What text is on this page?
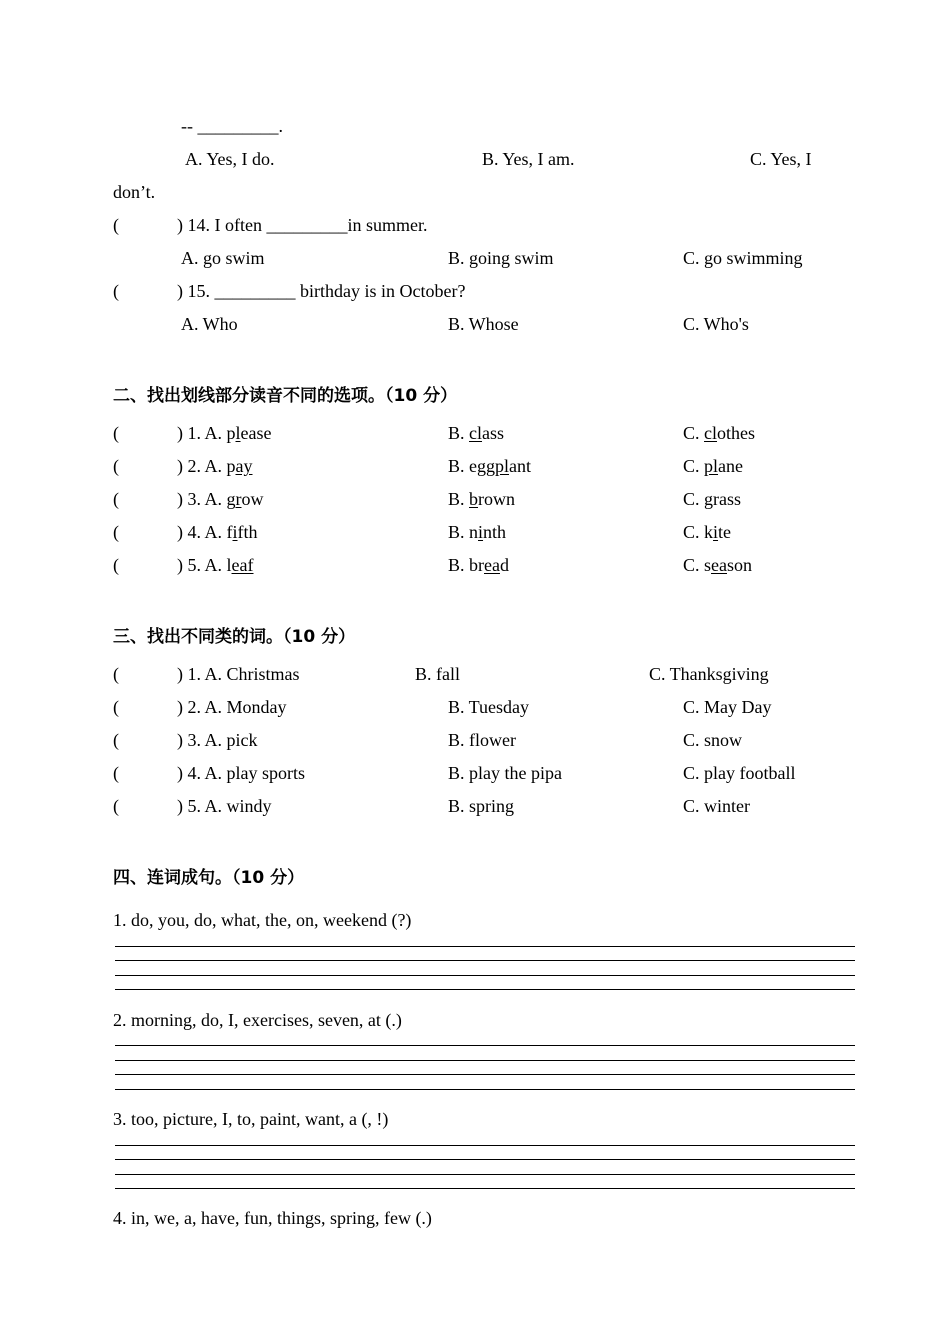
-- _________.
A. Yes, I do.	B. Yes, I am.	C. Yes, I
don’t.
(	) 14. I often _________in summer.
A. go swim	B. going swim	C. go swimming
(	) 15. _________ birthday is in October?
A. Who	B. Whose	C. Who's
二、找出划线部分读音不同的选项。（10 分）
(	) 1. A. please	B. class	C. clothes
(	) 2. A. pay	B. eggplant	C. plane
(	) 3. A. grow	B. brown	C. grass
(	) 4. A. fifth	B. ninth	C. kite
(	) 5. A. leaf	B. bread	C. season
三、找出不同类的词。（10 分）
(	) 1. A. Christmas	B. fall	C. Thanksgiving
(	) 2. A. Monday	B. Tuesday	C. May Day
(	) 3. A. pick	B. flower	C. snow
(	) 4. A. play sports	B. play the pipa	C. play football
(	) 5. A. windy	B. spring	C. winter
四、连词成句。（10 分）
1. do, you, do, what, the, on, weekend (?)
2. morning, do, I, exercises, seven, at (.)
3. too, picture, I, to, paint, want, a (, !)
4. in, we, a, have, fun, things, spring, few (.)
